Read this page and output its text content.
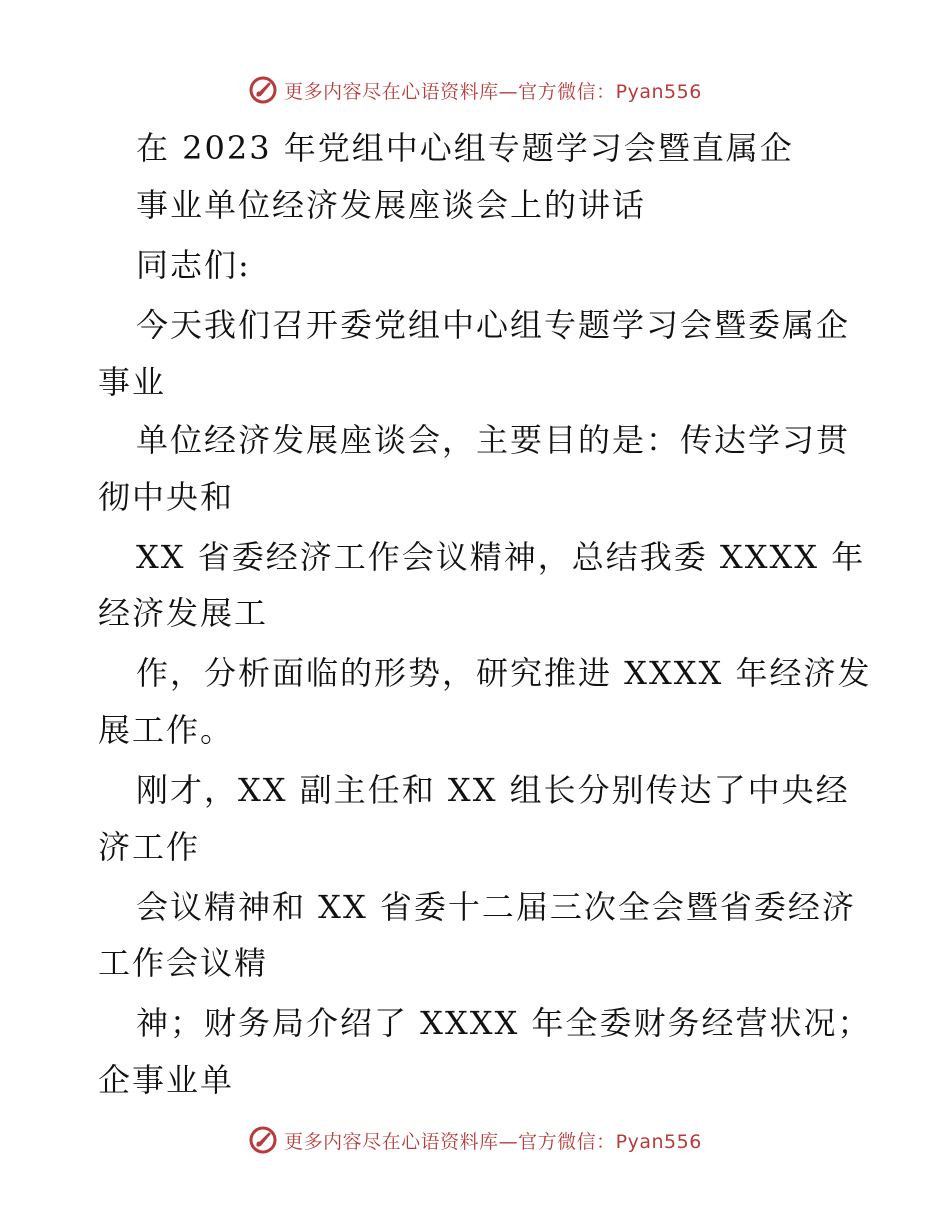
更多内容尽在心语资料库—官方微信：Pyan556
在 2023 年党组中心组专题学习会暨直属企
事业单位经济发展座谈会上的讲话
同志们:
今天我们召开委党组中心组专题学习会暨委属企
事业
单位经济发展座谈会，主要目的是：传达学习贯
彻中央和
XX 省委经济工作会议精神，总结我委 XXXX 年
经济发展工
作，分析面临的形势，研究推进 XXXX 年经济发
展工作。
刚才，XX 副主任和 XX 组长分别传达了中央经
济工作
会议精神和 XX 省委十二届三次全会暨省委经济
工作会议精
神；财务局介绍了 XXXX 年全委财务经营状况；
企事业单
更多内容尽在心语资料库—官方微信：Pyan556
